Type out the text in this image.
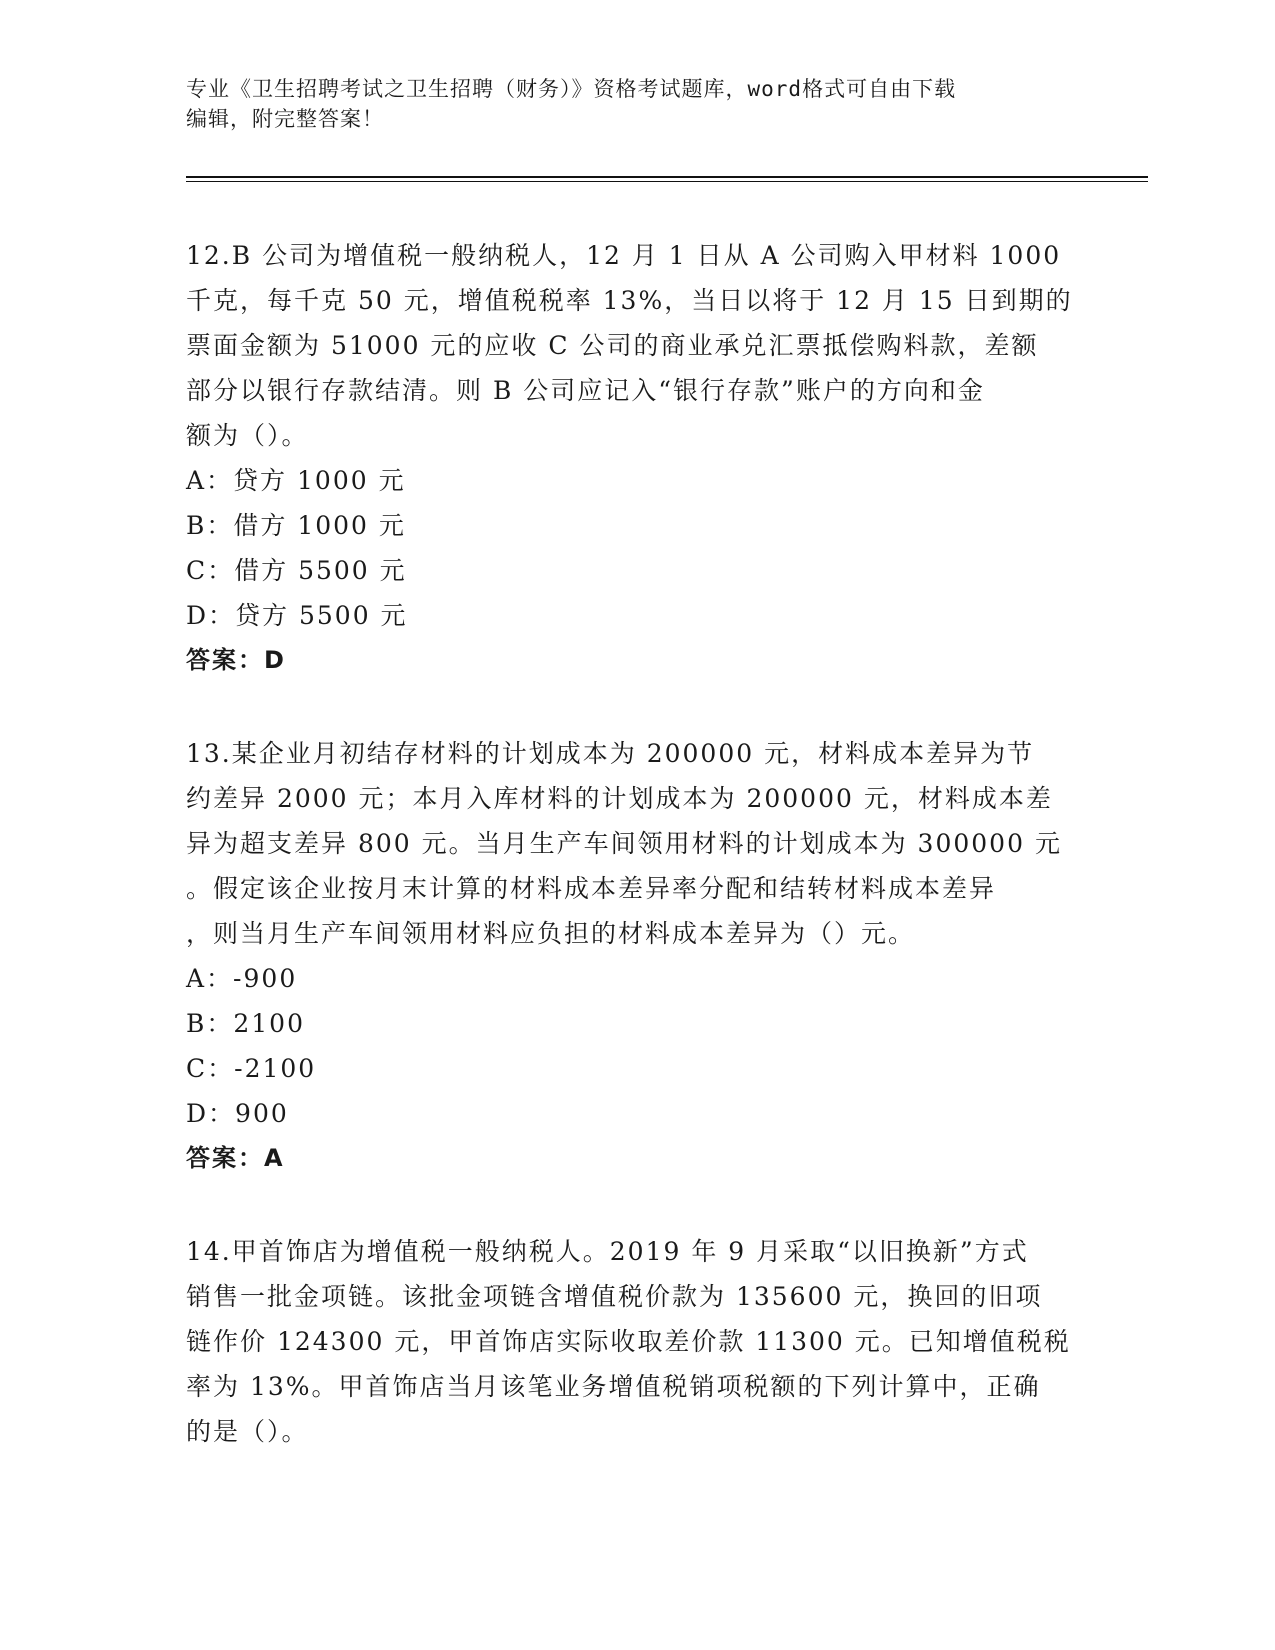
专业《卫生招聘考试之卫生招聘（财务）》资格考试题库，word格式可自由下载
编辑，附完整答案！
12.B 公司为增值税一般纳税人，12 月 1 日从 A 公司购入甲材料 1000
千克，每千克 50 元，增值税税率 13%，当日以将于 12 月 15 日到期的
票面金额为 51000 元的应收 C 公司的商业承兑汇票抵偿购料款，差额
部分以银行存款结清。则 B 公司应记入“银行存款”账户的方向和金
额为（）。
A：贷方 1000 元
B：借方 1000 元
C：借方 5500 元
D：贷方 5500 元
答案：D
13.某企业月初结存材料的计划成本为 200000 元，材料成本差异为节
约差异 2000 元；本月入库材料的计划成本为 200000 元，材料成本差
异为超支差异 800 元。当月生产车间领用材料的计划成本为 300000 元
。假定该企业按月末计算的材料成本差异率分配和结转材料成本差异
，则当月生产车间领用材料应负担的材料成本差异为（）元。
A：-900
B：2100
C：-2100
D：900
答案：A
14.甲首饰店为增值税一般纳税人。2019 年 9 月采取“以旧换新”方式
销售一批金项链。该批金项链含增值税价款为 135600 元，换回的旧项
链作价 124300 元，甲首饰店实际收取差价款 11300 元。已知增值税税
率为 13%。甲首饰店当月该笔业务增值税销项税额的下列计算中，正确
的是（）。
